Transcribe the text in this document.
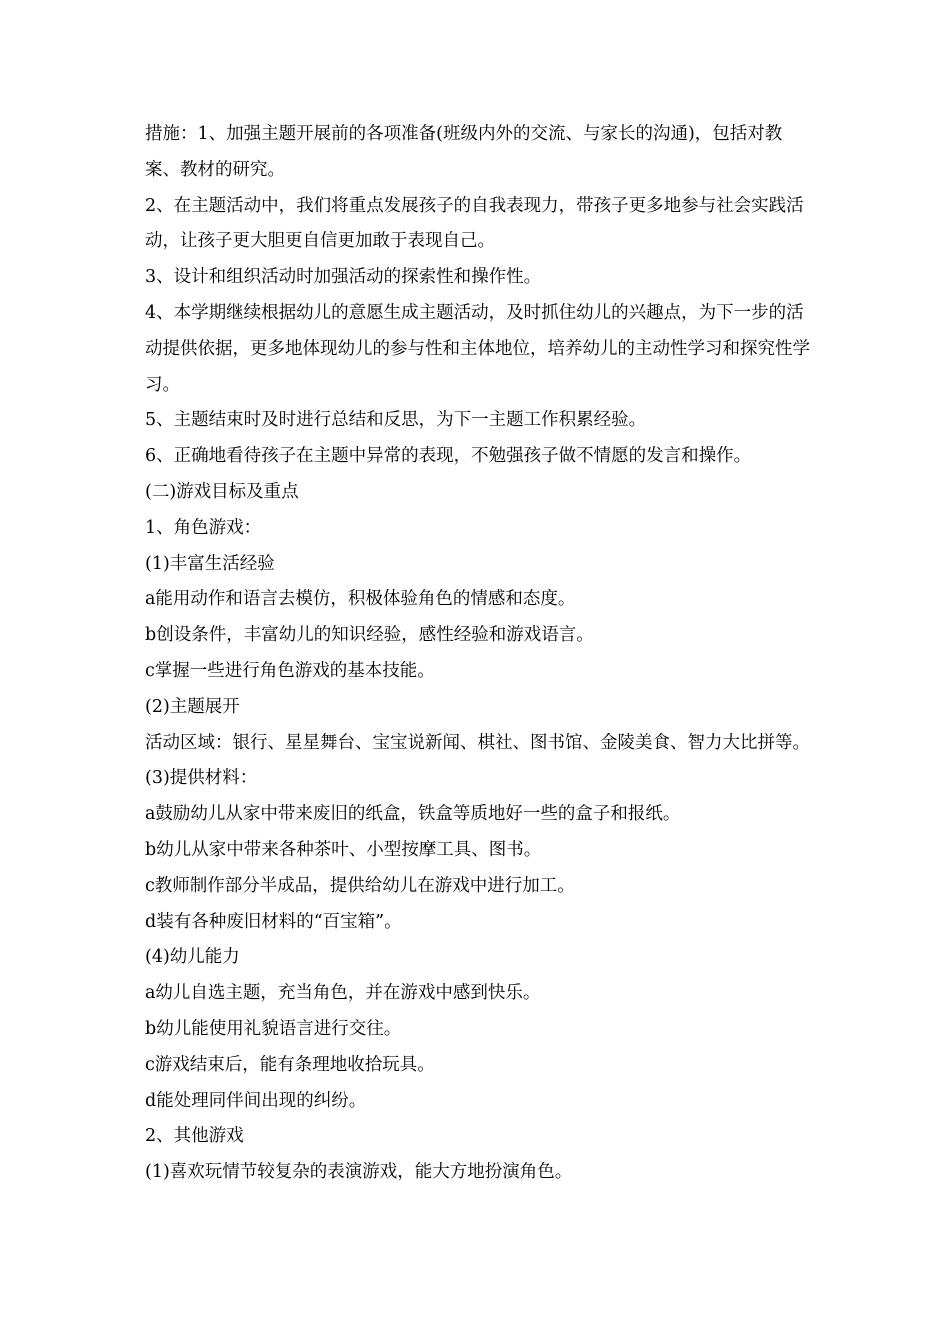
措施：1、加强主题开展前的各项准备(班级内外的交流、与家长的沟通)，包括对教案、教材的研究。

2、在主题活动中，我们将重点发展孩子的自我表现力，带孩子更多地参与社会实践活动，让孩子更大胆更自信更加敢于表现自己。

3、设计和组织活动时加强活动的探索性和操作性。

4、本学期继续根据幼儿的意愿生成主题活动，及时抓住幼儿的兴趣点，为下一步的活动提供依据，更多地体现幼儿的参与性和主体地位，培养幼儿的主动性学习和探究性学习。

5、主题结束时及时进行总结和反思，为下一主题工作积累经验。

6、正确地看待孩子在主题中异常的表现，不勉强孩子做不情愿的发言和操作。

(二)游戏目标及重点

1、角色游戏：

(1)丰富生活经验

a能用动作和语言去模仿，积极体验角色的情感和态度。

b创设条件，丰富幼儿的知识经验，感性经验和游戏语言。

c掌握一些进行角色游戏的基本技能。

(2)主题展开

活动区域：银行、星星舞台、宝宝说新闻、棋社、图书馆、金陵美食、智力大比拼等。

(3)提供材料：

a鼓励幼儿从家中带来废旧的纸盒，铁盒等质地好一些的盒子和报纸。

b幼儿从家中带来各种茶叶、小型按摩工具、图书。

c教师制作部分半成品，提供给幼儿在游戏中进行加工。

d装有各种废旧材料的“百宝箱”。

(4)幼儿能力

a幼儿自选主题，充当角色，并在游戏中感到快乐。

b幼儿能使用礼貌语言进行交往。

c游戏结束后，能有条理地收拾玩具。

d能处理同伴间出现的纠纷。

2、其他游戏

(1)喜欢玩情节较复杂的表演游戏，能大方地扮演角色。
